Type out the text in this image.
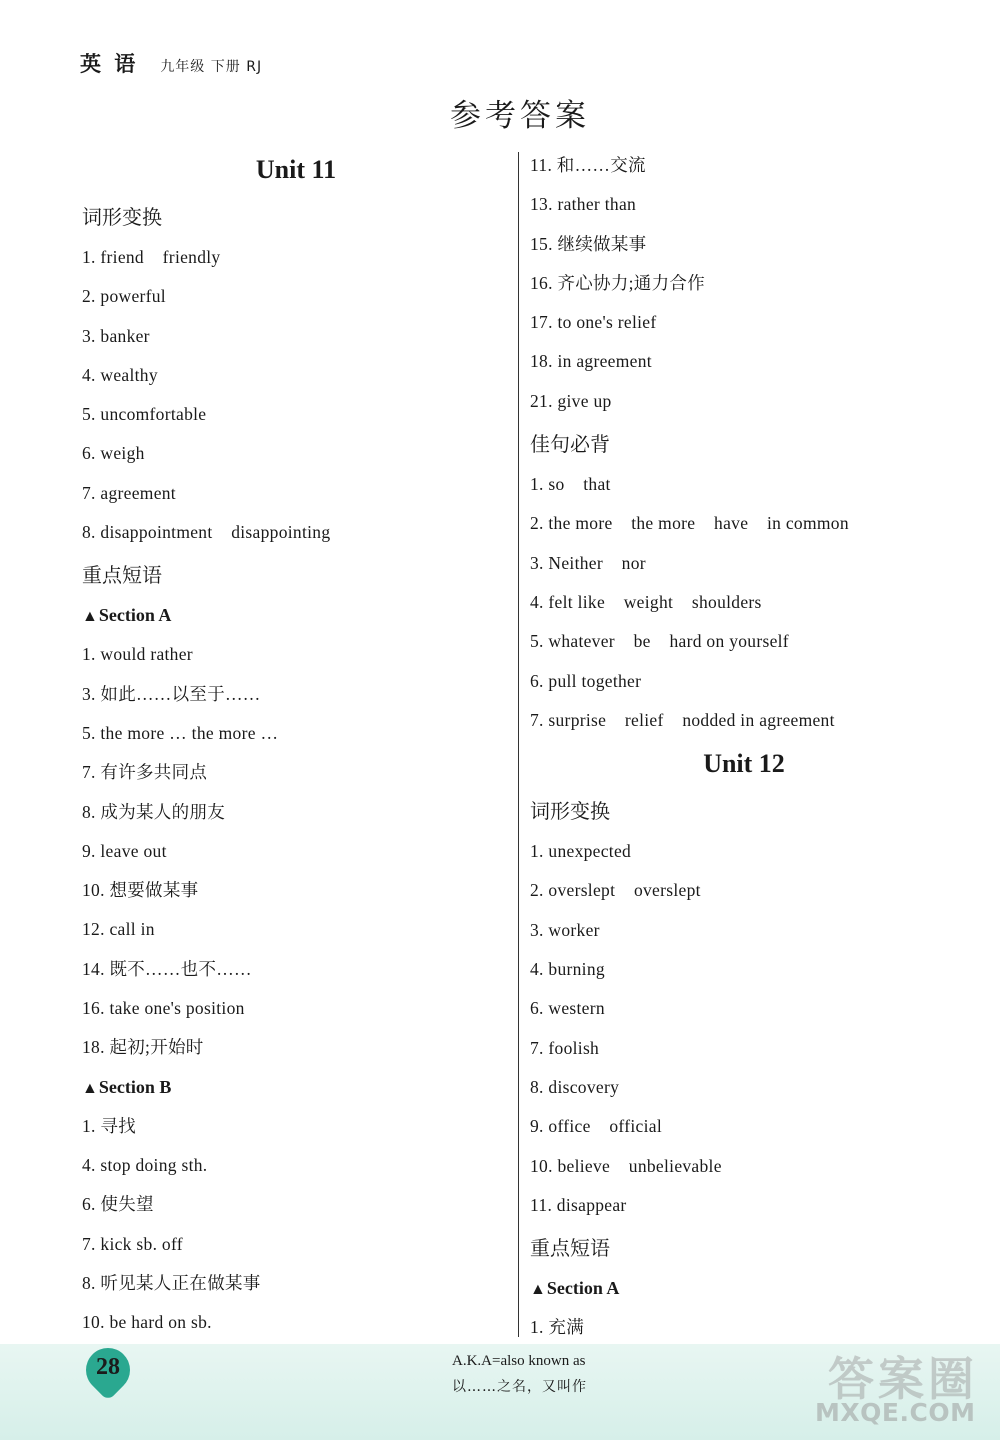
英 语 九年级 下册 RJ
参考答案
Unit 11
词形变换
1. friend    friendly
2. powerful
3. banker
4. wealthy
5. uncomfortable
6. weigh
7. agreement
8. disappointment    disappointing
重点短语
▲Section A
1. would rather
3. 如此……以至于……
5. the more … the more …
7. 有许多共同点
8. 成为某人的朋友
9. leave out
10. 想要做某事
12. call in
14. 既不……也不……
16. take one's position
18. 起初;开始时
▲Section B
1. 寻找
4. stop doing sth.
6. 使失望
7. kick sb. off
8. 听见某人正在做某事
10. be hard on sb.
11. 和……交流
13. rather than
15. 继续做某事
16. 齐心协力;通力合作
17. to one's relief
18. in agreement
21. give up
佳句必背
1. so    that
2. the more    the more    have    in common
3. Neither    nor
4. felt like    weight    shoulders
5. whatever    be    hard on yourself
6. pull together
7. surprise    relief    nodded in agreement
Unit 12
词形变换
1. unexpected
2. overslept    overslept
3. worker
4. burning
6. western
7. foolish
8. discovery
9. office    official
10. believe    unbelievable
11. disappear
重点短语
▲Section A
1. 充满
28	A.K.A=also known as
以……之名，又叫作	答案圈
MXQE.COM
